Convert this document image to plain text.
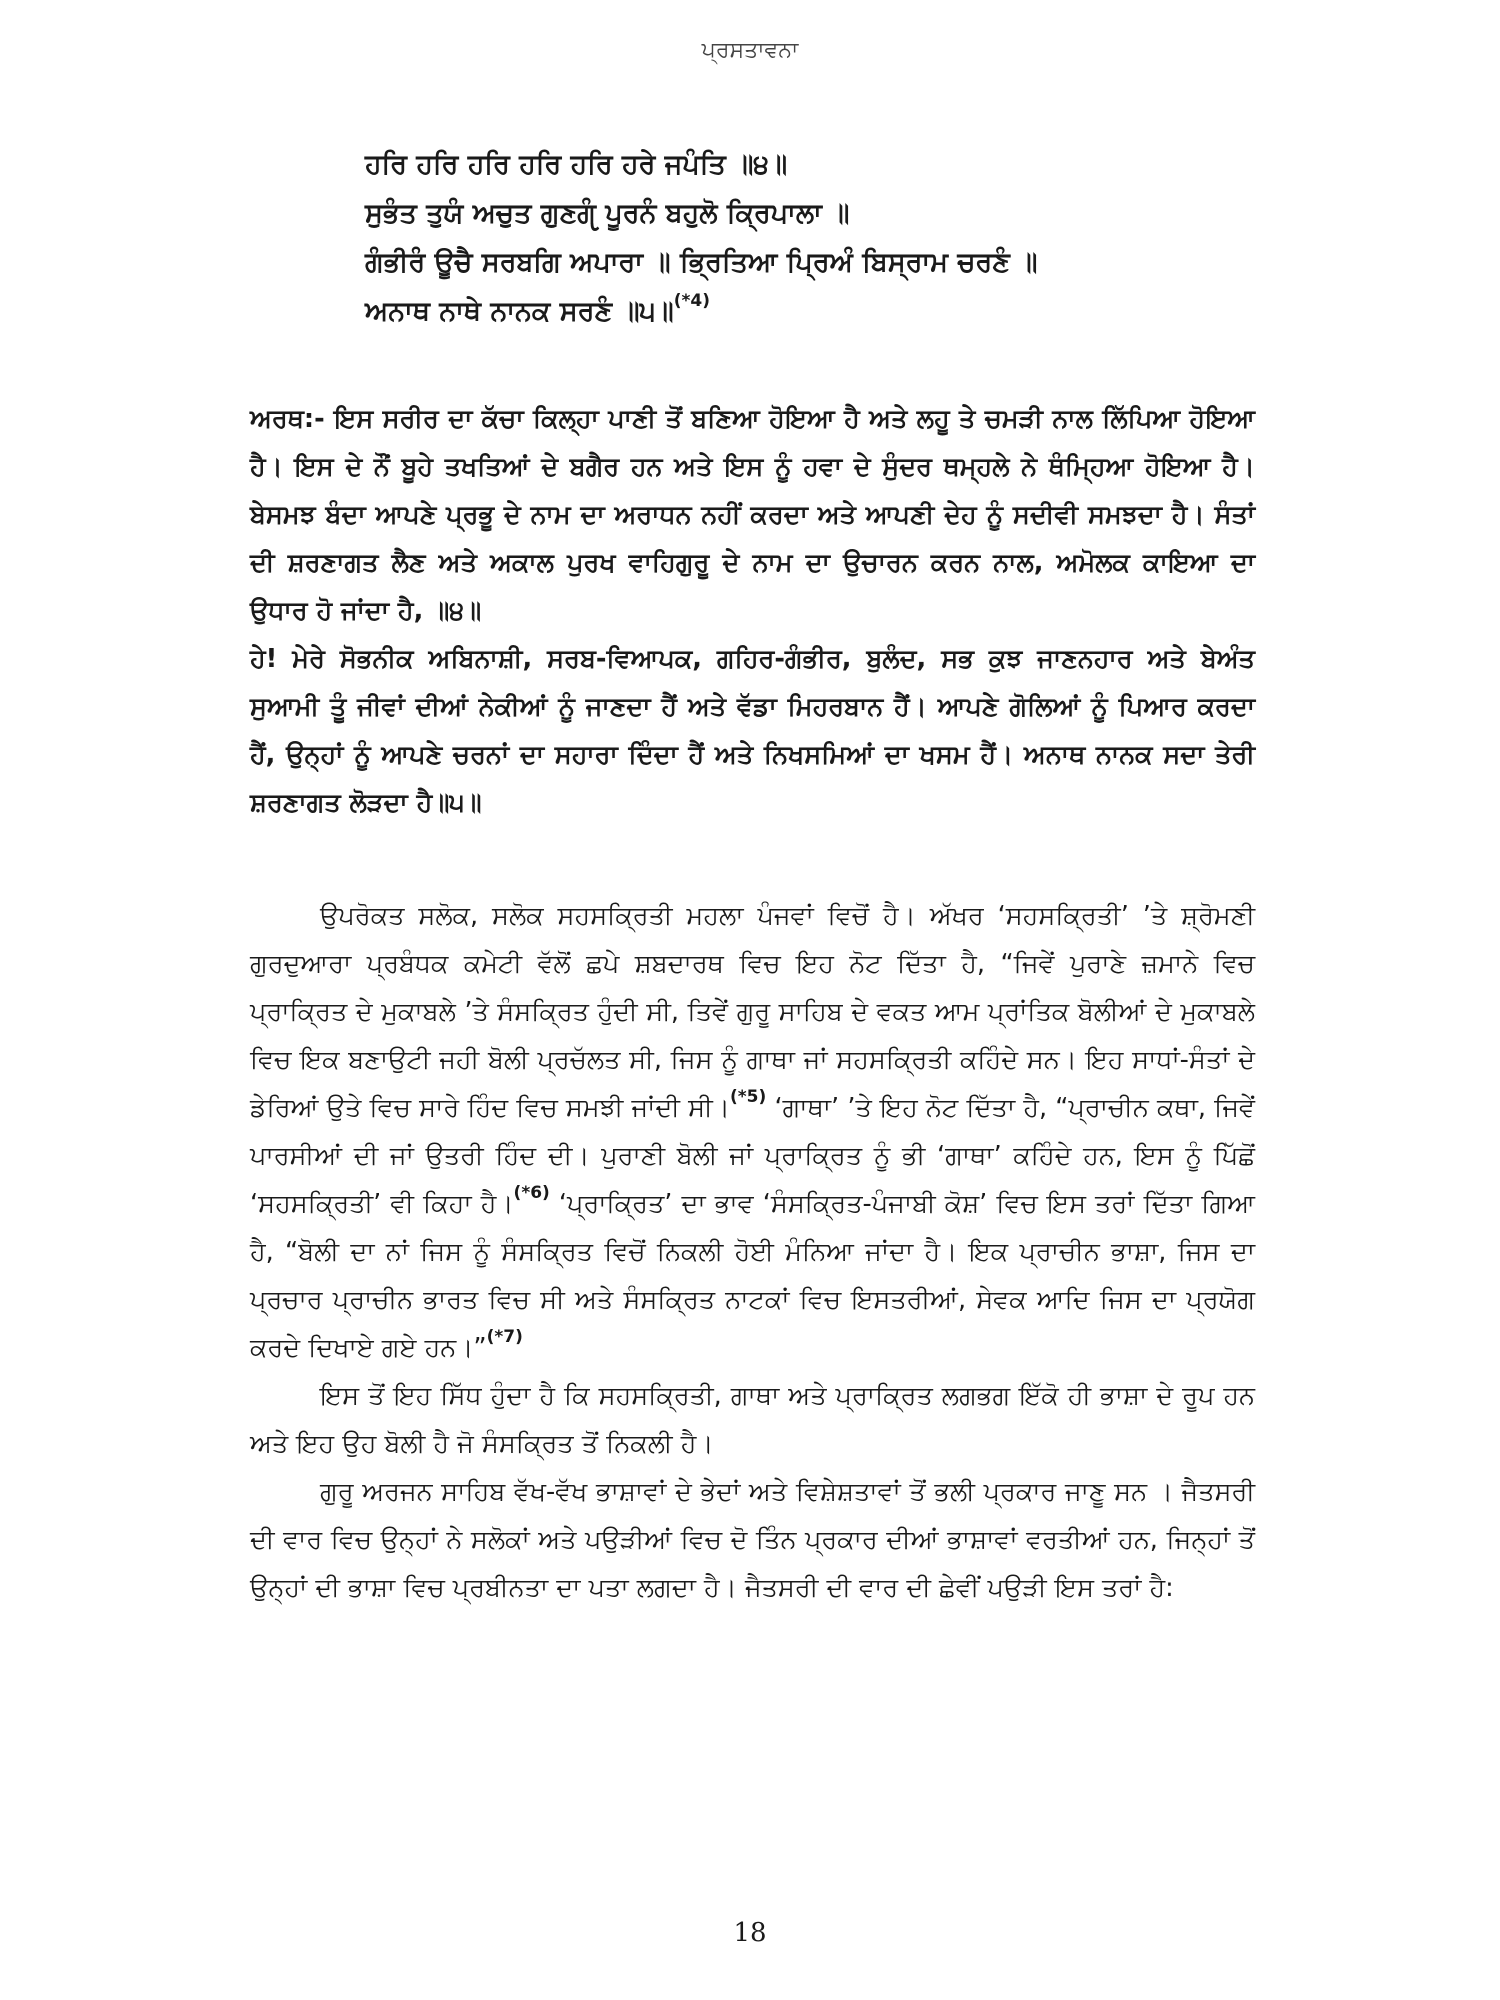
ਪ੍ਰਸਤਾਵਨਾ
ਹਰਿ ਹਰਿ ਹਰਿ ਹਰਿ ਹਰਿ ਹਰੇ ਜਪੰਤਿ ॥੪॥
ਸੁਭੰਤ ਤੁਯੰ ਅਚੁਤ ਗੁਣਗੵੰ ਪੂਰਨੰ ਬਹੁਲੋ ਕ੍ਰਿਪਾਲਾ ॥
ਗੰਭੀਰੰ ਊਚੈ ਸਰਬਗਿ ਅਪਾਰਾ ॥ ਭ੍ਰਿਤਿਆ ਪ੍ਰਿਅੰ ਬਿਸ੍ਰਾਮ ਚਰਣੰ ॥
ਅਨਾਥ ਨਾਥੇ ਨਾਨਕ ਸਰਣੰ ॥੫॥$^{(*4)}$

ਅਰਥ:- ਇਸ ਸਰੀਰ ਦਾ ਕੱਚਾ ਕਿਲ੍ਹਾ ਪਾਣੀ ਤੋਂ ਬਣਿਆ ਹੋਇਆ ਹੈ ਅਤੇ ਲਹੂ ਤੇ ਚਮੜੀ ਨਾਲ ਲਿੱਪਿਆ ਹੋਇਆ ਹੈ। ਇਸ ਦੇ ਨੌਂ ਬੂਹੇ ਤਖਤਿਆਂ ਦੇ ਬਗੈਰ ਹਨ ਅਤੇ ਇਸ ਨੂੰ ਹਵਾ ਦੇ ਸੁੰਦਰ ਥਮ੍ਹਲੇ ਨੇ ਥੰਮ੍ਹਿਆ ਹੋਇਆ ਹੈ। ਬੇਸਮਝ ਬੰਦਾ ਆਪਣੇ ਪ੍ਰਭੂ ਦੇ ਨਾਮ ਦਾ ਅਰਾਧਨ ਨਹੀਂ ਕਰਦਾ ਅਤੇ ਆਪਣੀ ਦੇਹ ਨੂੰ ਸਦੀਵੀ ਸਮਝਦਾ ਹੈ। ਸੰਤਾਂ ਦੀ ਸ਼ਰਣਾਗਤ ਲੈਣ ਅਤੇ ਅਕਾਲ ਪੁਰਖ ਵਾਹਿਗੁਰੂ ਦੇ ਨਾਮ ਦਾ ਉਚਾਰਨ ਕਰਨ ਨਾਲ, ਅਮੋਲਕ ਕਾਇਆ ਦਾ ਉਧਾਰ ਹੋ ਜਾਂਦਾ ਹੈ, ॥੪॥

ਹੇ! ਮੇਰੇ ਸੋਭਨੀਕ ਅਬਿਨਾਸ਼ੀ, ਸਰਬ-ਵਿਆਪਕ, ਗਹਿਰ-ਗੰਭੀਰ, ਬੁਲੰਦ, ਸਭ ਕੁਝ ਜਾਣਨਹਾਰ ਅਤੇ ਬੇਅੰਤ ਸੁਆਮੀ ਤੂੰ ਜੀਵਾਂ ਦੀਆਂ ਨੇਕੀਆਂ ਨੂੰ ਜਾਣਦਾ ਹੈਂ ਅਤੇ ਵੱਡਾ ਮਿਹਰਬਾਨ ਹੈਂ। ਆਪਣੇ ਗੋਲਿਆਂ ਨੂੰ ਪਿਆਰ ਕਰਦਾ ਹੈਂ, ਉਨ੍ਹਾਂ ਨੂੰ ਆਪਣੇ ਚਰਨਾਂ ਦਾ ਸਹਾਰਾ ਦਿੰਦਾ ਹੈਂ ਅਤੇ ਨਿਖਸਮਿਆਂ ਦਾ ਖਸਮ ਹੈਂ। ਅਨਾਥ ਨਾਨਕ ਸਦਾ ਤੇਰੀ ਸ਼ਰਣਾਗਤ ਲੋੜਦਾ ਹੈ॥੫॥

ਉਪਰੋਕਤ ਸਲੋਕ, ਸਲੋਕ ਸਹਸਕ੍ਰਿਤੀ ਮਹਲਾ ਪੰਜਵਾਂ ਵਿਚੋਂ ਹੈ। ਅੱਖਰ ‘ਸਹਸਕ੍ਰਿਤੀ’ ’ਤੇ ਸ਼੍ਰੋਮਣੀ ਗੁਰਦੁਆਰਾ ਪ੍ਰਬੰਧਕ ਕਮੇਟੀ ਵੱਲੋਂ ਛਪੇ ਸ਼ਬਦਾਰਥ ਵਿਚ ਇਹ ਨੋਟ ਦਿੱਤਾ ਹੈ, “ਜਿਵੇਂ ਪੁਰਾਣੇ ਜ਼ਮਾਨੇ ਵਿਚ ਪ੍ਰਾਕ੍ਰਿਤ ਦੇ ਮੁਕਾਬਲੇ ’ਤੇ ਸੰਸਕ੍ਰਿਤ ਹੁੰਦੀ ਸੀ, ਤਿਵੇਂ ਗੁਰੂ ਸਾਹਿਬ ਦੇ ਵਕਤ ਆਮ ਪ੍ਰਾਂਤਿਕ ਬੋਲੀਆਂ ਦੇ ਮੁਕਾਬਲੇ ਵਿਚ ਇਕ ਬਣਾਉਟੀ ਜਹੀ ਬੋਲੀ ਪ੍ਰਚੱਲਤ ਸੀ, ਜਿਸ ਨੂੰ ਗਾਥਾ ਜਾਂ ਸਹਸਕ੍ਰਿਤੀ ਕਹਿੰਦੇ ਸਨ। ਇਹ ਸਾਧਾਂ-ਸੰਤਾਂ ਦੇ ਡੇਰਿਆਂ ਉਤੇ ਵਿਚ ਸਾਰੇ ਹਿੰਦ ਵਿਚ ਸਮਝੀ ਜਾਂਦੀ ਸੀ।$^{(*5)}$ ‘ਗਾਥਾ’ ’ਤੇ ਇਹ ਨੋਟ ਦਿੱਤਾ ਹੈ, “ਪ੍ਰਾਚੀਨ ਕਥਾ, ਜਿਵੇਂ ਪਾਰਸੀਆਂ ਦੀ ਜਾਂ ਉਤਰੀ ਹਿੰਦ ਦੀ। ਪੁਰਾਣੀ ਬੋਲੀ ਜਾਂ ਪ੍ਰਾਕ੍ਰਿਤ ਨੂੰ ਭੀ ‘ਗਾਥਾ’ ਕਹਿੰਦੇ ਹਨ, ਇਸ ਨੂੰ ਪਿੱਛੋਂ ‘ਸਹਸਕ੍ਰਿਤੀ’ ਵੀ ਕਿਹਾ ਹੈ।$^{(*6)}$ ‘ਪ੍ਰਾਕ੍ਰਿਤ’ ਦਾ ਭਾਵ ‘ਸੰਸਕ੍ਰਿਤ-ਪੰਜਾਬੀ ਕੋਸ਼’ ਵਿਚ ਇਸ ਤਰਾਂ ਦਿੱਤਾ ਗਿਆ ਹੈ, “ਬੋਲੀ ਦਾ ਨਾਂ ਜਿਸ ਨੂੰ ਸੰਸਕ੍ਰਿਤ ਵਿਚੋਂ ਨਿਕਲੀ ਹੋਈ ਮੰਨਿਆ ਜਾਂਦਾ ਹੈ। ਇਕ ਪ੍ਰਾਚੀਨ ਭਾਸ਼ਾ, ਜਿਸ ਦਾ ਪ੍ਰਚਾਰ ਪ੍ਰਾਚੀਨ ਭਾਰਤ ਵਿਚ ਸੀ ਅਤੇ ਸੰਸਕ੍ਰਿਤ ਨਾਟਕਾਂ ਵਿਚ ਇਸਤਰੀਆਂ, ਸੇਵਕ ਆਦਿ ਜਿਸ ਦਾ ਪ੍ਰਯੋਗ ਕਰਦੇ ਦਿਖਾਏ ਗਏ ਹਨ।”$^{(*7)}$

ਇਸ ਤੋਂ ਇਹ ਸਿੱਧ ਹੁੰਦਾ ਹੈ ਕਿ ਸਹਸਕ੍ਰਿਤੀ, ਗਾਥਾ ਅਤੇ ਪ੍ਰਾਕ੍ਰਿਤ ਲਗਭਗ ਇੱਕੋ ਹੀ ਭਾਸ਼ਾ ਦੇ ਰੂਪ ਹਨ ਅਤੇ ਇਹ ਉਹ ਬੋਲੀ ਹੈ ਜੋ ਸੰਸਕ੍ਰਿਤ ਤੋਂ ਨਿਕਲੀ ਹੈ।

ਗੁਰੂ ਅਰਜਨ ਸਾਹਿਬ ਵੱਖ-ਵੱਖ ਭਾਸ਼ਾਵਾਂ ਦੇ ਭੇਦਾਂ ਅਤੇ ਵਿਸ਼ੇਸ਼ਤਾਵਾਂ ਤੋਂ ਭਲੀ ਪ੍ਰਕਾਰ ਜਾਣੂ ਸਨ । ਜੈਤਸਰੀ ਦੀ ਵਾਰ ਵਿਚ ਉਨ੍ਹਾਂ ਨੇ ਸਲੋਕਾਂ ਅਤੇ ਪਉੜੀਆਂ ਵਿਚ ਦੋ ਤਿੰਨ ਪ੍ਰਕਾਰ ਦੀਆਂ ਭਾਸ਼ਾਵਾਂ ਵਰਤੀਆਂ ਹਨ, ਜਿਨ੍ਹਾਂ ਤੋਂ ਉਨ੍ਹਾਂ ਦੀ ਭਾਸ਼ਾ ਵਿਚ ਪ੍ਰਬੀਨਤਾ ਦਾ ਪਤਾ ਲਗਦਾ ਹੈ। ਜੈਤਸਰੀ ਦੀ ਵਾਰ ਦੀ ਛੇਵੀਂ ਪਉੜੀ ਇਸ ਤਰਾਂ ਹੈ:

18
